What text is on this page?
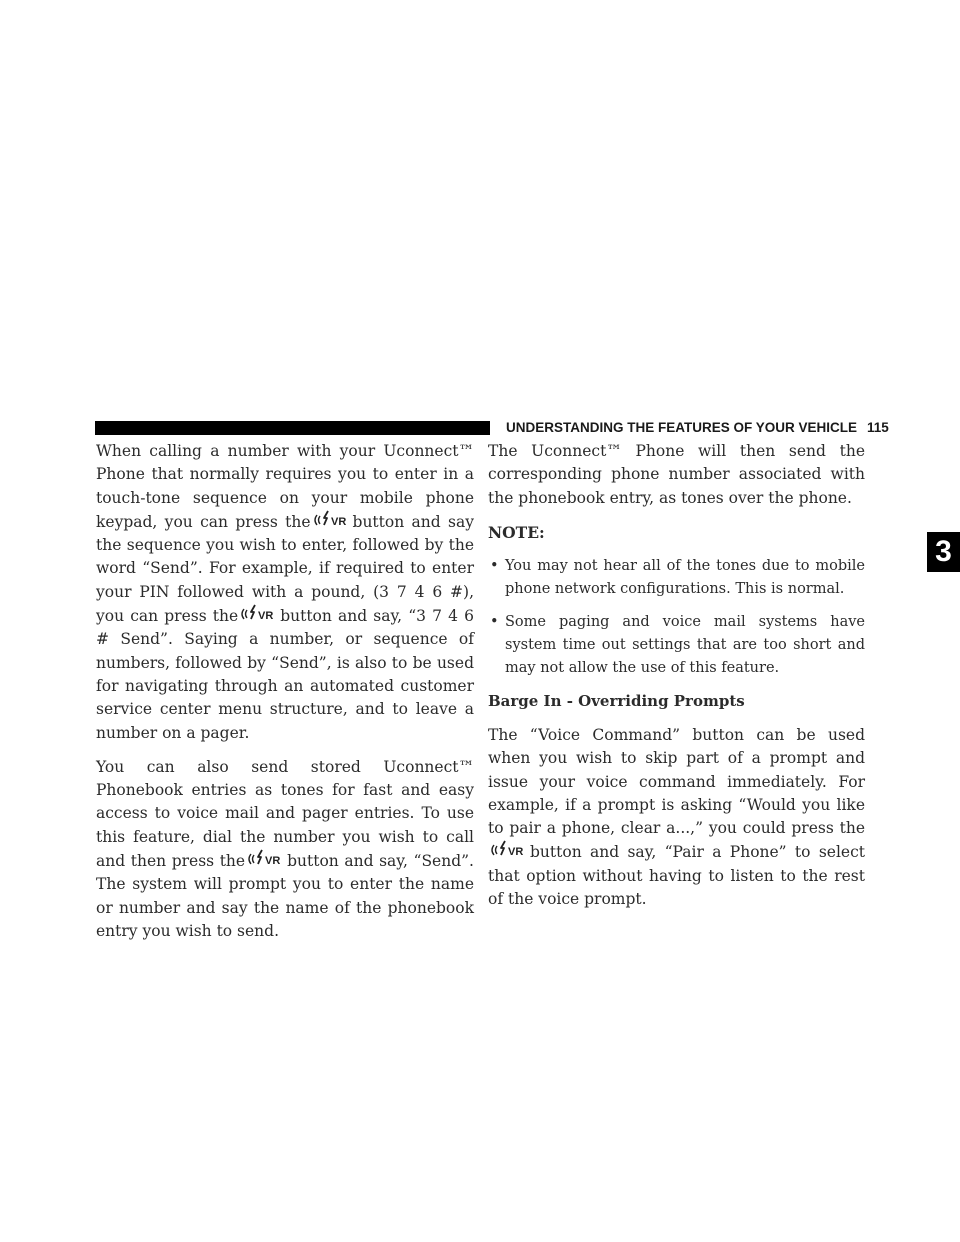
UNDERSTANDING THE FEATURES OF YOUR VEHICLE 115
3

When calling a number with your Uconnect™ Phone that normally requires you to enter in a touch-tone sequence on your mobile phone keypad, you can press the VR button and say the sequence you wish to enter, followed by the word “Send”. For example, if required to enter your PIN followed with a pound, (3 7 4 6 #), you can press the VR button and say, “3 7 4 6 # Send”. Saying a number, or sequence of numbers, followed by “Send”, is also to be used for navigating through an automated customer service center menu structure, and to leave a number on a pager.

You can also send stored Uconnect™ Phonebook entries as tones for fast and easy access to voice mail and pager entries. To use this feature, dial the number you wish to call and then press the VR button and say, “Send”. The system will prompt you to enter the name or number and say the name of the phonebook entry you wish to send.

The Uconnect™ Phone will then send the corresponding phone number associated with the phonebook entry, as tones over the phone.

NOTE:

• You may not hear all of the tones due to mobile phone network configurations. This is normal.
• Some paging and voice mail systems have system time out settings that are too short and may not allow the use of this feature.

Barge In - Overriding Prompts

The “Voice Command” button can be used when you wish to skip part of a prompt and issue your voice command immediately. For example, if a prompt is asking “Would you like to pair a phone, clear a...,” you could press the
VR button and say, “Pair a Phone” to select that option without having to listen to the rest of the voice prompt.
